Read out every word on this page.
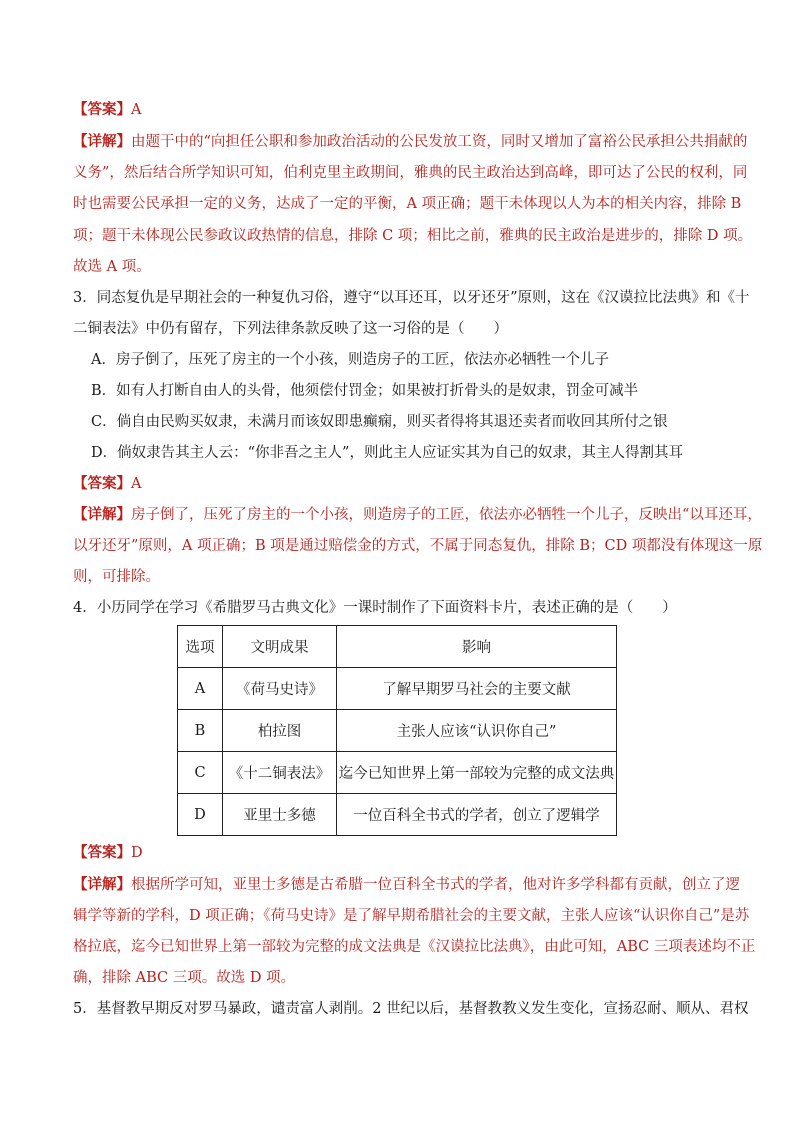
【答案】A
【详解】由题干中的“向担任公职和参加政治活动的公民发放工资，同时又增加了富裕公民承担公共捐献的
义务”，然后结合所学知识可知，伯利克里主政期间，雅典的民主政治达到高峰，即可达了公民的权利，同
时也需要公民承担一定的义务，达成了一定的平衡，A 项正确；题干未体现以人为本的相关内容，排除 B
项；题干未体现公民参政议政热情的信息，排除 C 项；相比之前，雅典的民主政治是进步的，排除 D 项。
故选 A 项。
3．同态复仇是早期社会的一种复仇习俗，遵守“以耳还耳，以牙还牙”原则，这在《汉谟拉比法典》和《十
二铜表法》中仍有留存，下列法律条款反映了这一习俗的是（　　）
A．房子倒了，压死了房主的一个小孩，则造房子的工匠，依法亦必牺牲一个儿子
B．如有人打断自由人的头骨，他须偿付罚金；如果被打折骨头的是奴隶，罚金可减半
C．倘自由民购买奴隶，未满月而该奴即患癫痫，则买者得将其退还卖者而收回其所付之银
D．倘奴隶告其主人云：“你非吾之主人”，则此主人应证实其为自己的奴隶，其主人得割其耳
【答案】A
【详解】房子倒了，压死了房主的一个小孩，则造房子的工匠，依法亦必牺牲一个儿子，反映出“以耳还耳，
以牙还牙”原则，A 项正确；B 项是通过赔偿金的方式，不属于同态复仇，排除 B；CD 项都没有体现这一原
则，可排除。
4．小历同学在学习《希腊罗马古典文化》一课时制作了下面资料卡片，表述正确的是（　　）
选项	文明成果	影响
A	《荷马史诗》	了解早期罗马社会的主要文献
B	柏拉图	主张人应该“认识你自己”
C	《十二铜表法》	迄今已知世界上第一部较为完整的成文法典
D	亚里士多德	一位百科全书式的学者，创立了逻辑学
【答案】D
【详解】根据所学可知，亚里士多德是古希腊一位百科全书式的学者，他对许多学科都有贡献，创立了逻
辑学等新的学科，D 项正确；《荷马史诗》是了解早期希腊社会的主要文献，主张人应该“认识你自己”是苏
格拉底，迄今已知世界上第一部较为完整的成文法典是《汉谟拉比法典》，由此可知，ABC 三项表述均不正
确，排除 ABC 三项。故选 D 项。
5．基督教早期反对罗马暴政，谴责富人剥削。2 世纪以后，基督教教义发生变化，宣扬忍耐、顺从、君权
